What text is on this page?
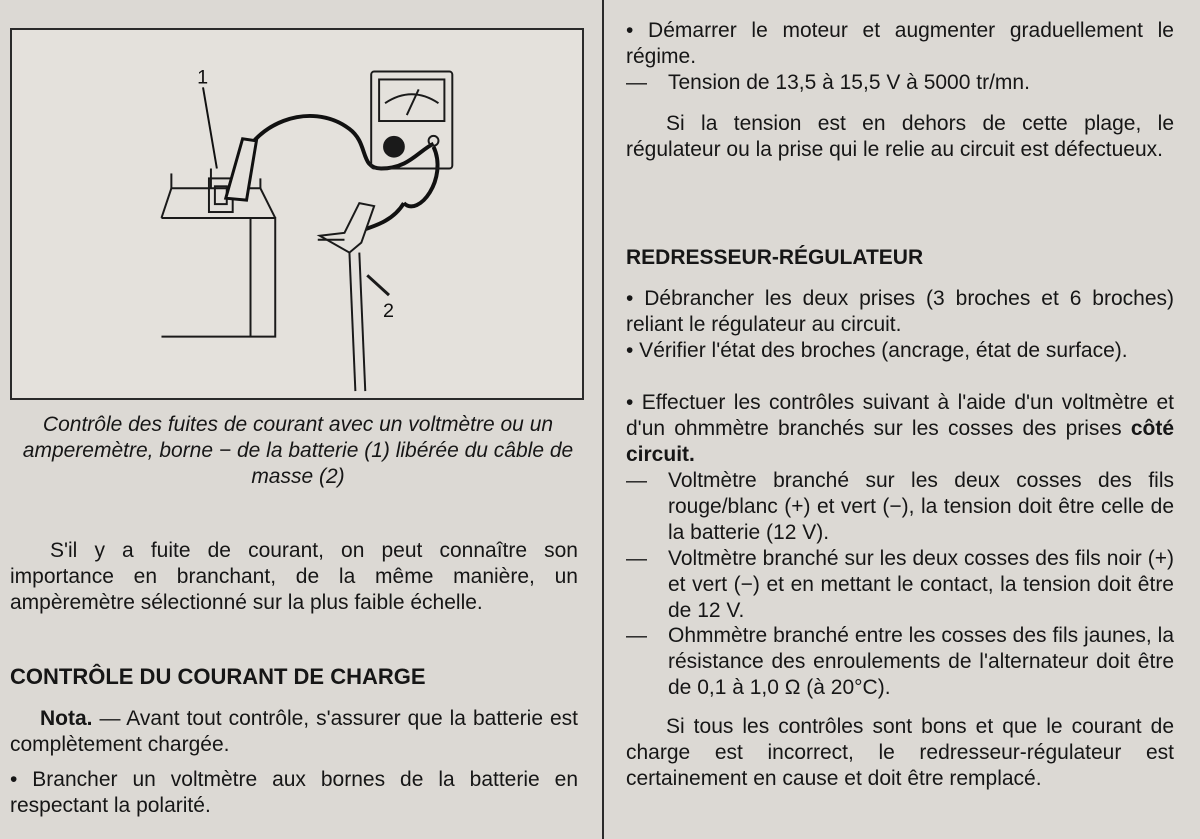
1
2
Contrôle des fuites de courant avec un voltmètre ou un amperemètre, borne − de la batterie (1) libérée du câble de masse (2)

S'il y a fuite de courant, on peut connaître son importance en branchant, de la même manière, un ampèremètre sélectionné sur la plus faible échelle.

CONTRÔLE DU COURANT DE CHARGE

Nota. — Avant tout contrôle, s'assurer que la batterie est complètement chargée.

• Brancher un voltmètre aux bornes de la batterie en respectant la polarité.

• Démarrer le moteur et augmenter graduellement le régime.

—	Tension de 13,5 à 15,5 V à 5000 tr/mn.

Si la tension est en dehors de cette plage, le régulateur ou la prise qui le relie au circuit est défectueux.

REDRESSEUR-RÉGULATEUR

• Débrancher les deux prises (3 broches et 6 broches) reliant le régulateur au circuit.

• Vérifier l'état des broches (ancrage, état de surface).

• Effectuer les contrôles suivant à l'aide d'un voltmètre et d'un ohmmètre branchés sur les cosses des prises côté circuit.

—	Voltmètre branché sur les deux cosses des fils rouge/blanc (+) et vert (−), la tension doit être celle de la batterie (12 V).
—	Voltmètre branché sur les deux cosses des fils noir (+) et vert (−) et en mettant le contact, la tension doit être de 12 V.
—	Ohmmètre branché entre les cosses des fils jaunes, la résistance des enroulements de l'alternateur doit être de 0,1 à 1,0 Ω (à 20°C).

Si tous les contrôles sont bons et que le courant de charge est incorrect, le redresseur-régulateur est certainement en cause et doit être remplacé.
